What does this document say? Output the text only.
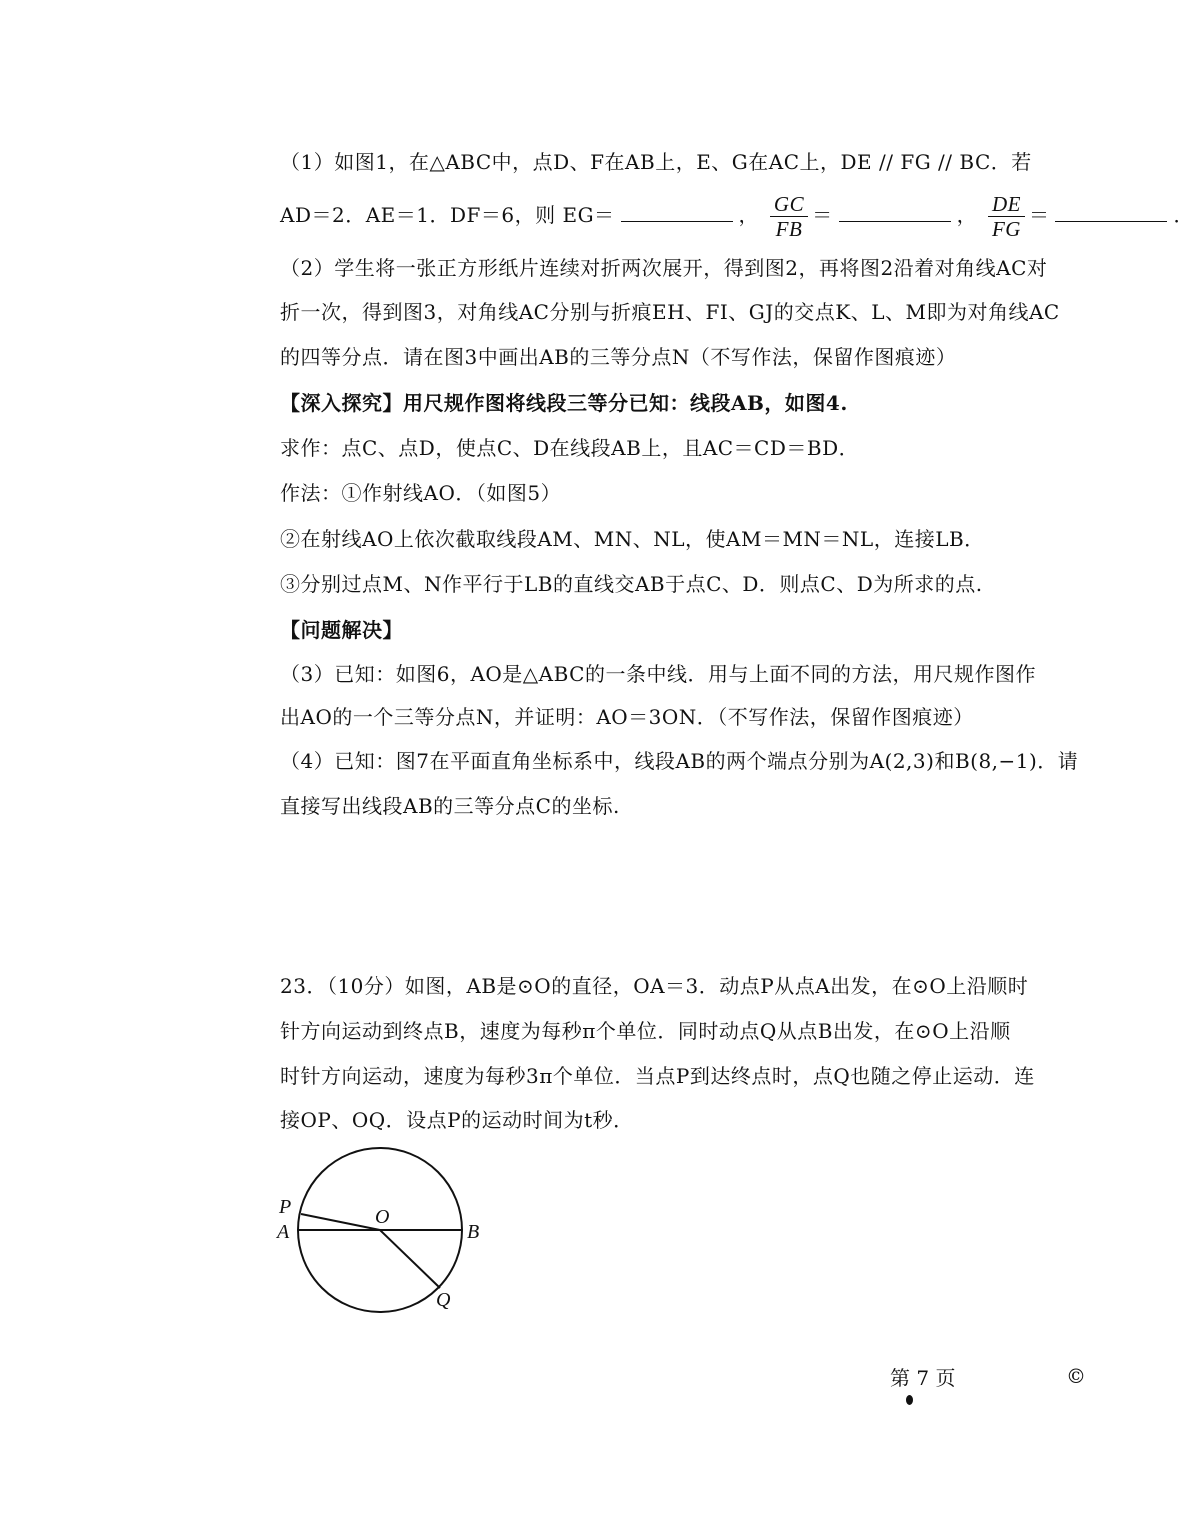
（1）如图1，在△ABC中，点D、F在AB上，E、G在AC上，DE // FG // BC．若
AD＝2．AE＝1．DF＝6，则 EG＝	， $\frac{GC}{FB}$ ＝	， $\frac{DE}{FG}$ ＝	．
（2）学生将一张正方形纸片连续对折两次展开，得到图2，再将图2沿着对角线AC对
折一次，得到图3，对角线AC分别与折痕EH、FI、GJ的交点K、L、M即为对角线AC
的四等分点．请在图3中画出AB的三等分点N（不写作法，保留作图痕迹）
【深入探究】用尺规作图将线段三等分已知：线段AB，如图4.
求作：点C、点D，使点C、D在线段AB上，且AC＝CD＝BD．
作法：①作射线AO．（如图5）
②在射线AO上依次截取线段AM、MN、NL，使AM＝MN＝NL，连接LB．
③分别过点M、N作平行于LB的直线交AB于点C、D．则点C、D为所求的点.
【问题解决】
（3）已知：如图6，AO是△ABC的一条中线．用与上面不同的方法，用尺规作图作
出AO的一个三等分点N，并证明：AO＝3ON．（不写作法，保留作图痕迹）
（4）已知：图7在平面直角坐标系中，线段AB的两个端点分别为A(2,3)和B(8,−1)．请
直接写出线段AB的三等分点C的坐标.
23．（10分）如图，AB是⊙O的直径，OA＝3．动点P从点A出发，在⊙O上沿顺时
针方向运动到终点B，速度为每秒π个单位．同时动点Q从点B出发，在⊙O上沿顺
时针方向运动，速度为每秒3π个单位．当点P到达终点时，点Q也随之停止运动．连
接OP、OQ．设点P的运动时间为t秒．
P
A
O
B
Q
第 7 页	©
